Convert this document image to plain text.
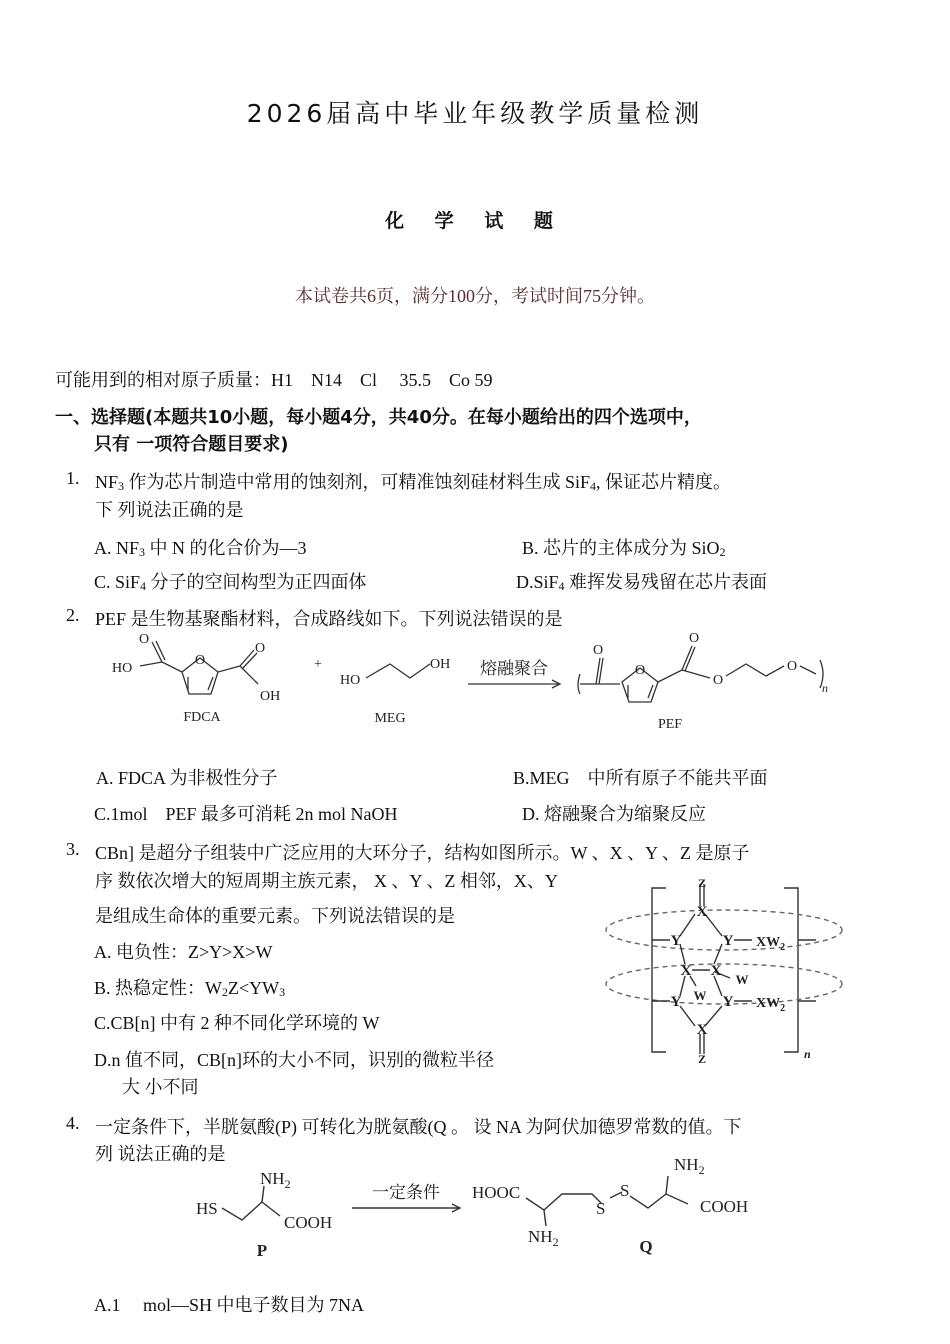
2026届高中毕业年级教学质量检测
化 学 试 题
本试卷共6页，满分100分，考试时间75分钟。
可能用到的相对原子质量：H1　N14　Cl　 35.5　Co 59
一、选择题(本题共10小题，每小题4分，共40分。在每小题给出的四个选项中，
只有 一项符合题目要求)
1. $NF_3$ 作为芯片制造中常用的蚀刻剂，可精准蚀刻硅材料生成 SiF$_4$, 保证芯片精度。
下 列说法正确的是
A. $NF_3$ 中 N 的化合价为—3	B. 芯片的主体成分为 SiO$_2$
C. SiF$_4$ 分子的空间构型为正四面体	D.SiF$_4$ 难挥发易残留在芯片表面
2. PEF 是生物基聚酯材料，合成路线如下。下列说法错误的是
O
O
O
HO
OH
FDCA
+
HO
OH
MEG
熔融聚合
O
O
O
O
O
n
PEF
A. FDCA 为非极性分子	B.MEG　中所有原子不能共平面
C.1mol　PEF 最多可消耗 2n mol NaOH	D. 熔融聚合为缩聚反应
3. CBn] 是超分子组装中广泛应用的大环分子，结构如图所示。W 、X 、Y 、Z 是原子
序 数依次增大的短周期主族元素， X 、Y 、Z 相邻，X、Y
是组成生命体的重要元素。下列说法错误的是
A. 电负性：Z>Y>X>W
B. 热稳定性：$W_2Z<YW_3$
C.CB[n] 中有 2 种不同化学环境的 W
D.n 值不同，CB[n]环的大小不同，识别的微粒半径
大 小不同
Z
X
Y	Y $XW_2$
X X
W
W
Y	Y $XW_2$
X
Z	n
4. 一定条件下，半胱氨酸(P) 可转化为胱氨酸(Q 。 设 NA 为阿伏加德罗常数的值。下
列 说法正确的是
$NH_2$
HS
COOH
一定条件 HOOC
$NH_2$
S
S
$NH_2$
COOH
P	Q
A.1　 mol—SH 中电子数目为 7NA
